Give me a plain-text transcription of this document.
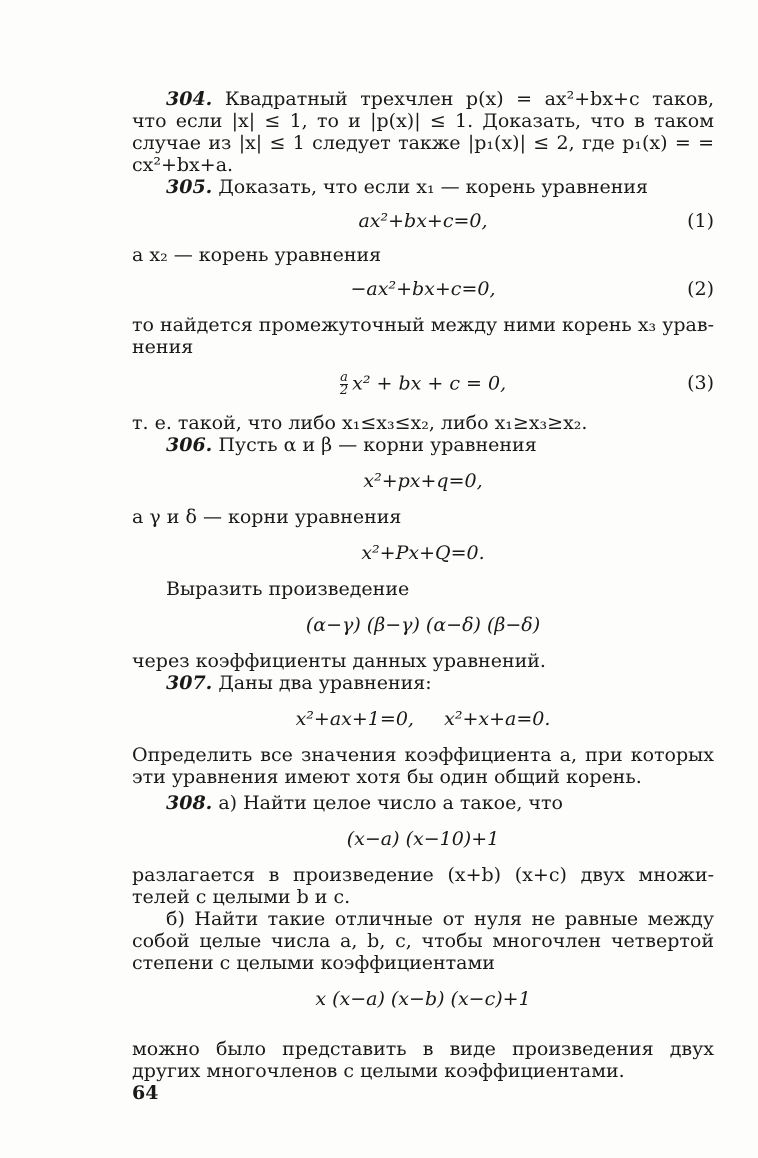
304. Квадратный трехчлен p(x) = ax²+bx+c таков, что если |x| ≤ 1, то и |p(x)| ≤ 1. Доказать, что в таком случае из |x| ≤ 1 следует также |p₁(x)| ≤ 2, где p₁(x) = = cx²+bx+a.

305. Доказать, что если x₁ — корень уравнения

ax²+bx+c=0,	(1)

а x₂ — корень уравнения

−ax²+bx+c=0,	(2)

то найдется промежуточный между ними корень x₃ уравнения

$\frac{a}{2} x^2$ + bx + c = 0,	(3)

т. е. такой, что либо x₁≤x₃≤x₂, либо x₁≥x₃≥x₂.

306. Пусть α и β — корни уравнения

x²+px+q=0,

а γ и δ — корни уравнения

x²+Px+Q=0.

Выразить произведение

(α−γ) (β−γ) (α−δ) (β−δ)

через коэффициенты данных уравнений.

307. Даны два уравнения:

x²+ax+1=0,     x²+x+a=0.

Определить все значения коэффициента a, при которых эти уравнения имеют хотя бы один общий корень.

308. а) Найти целое число a такое, что

(x−a) (x−10)+1

разлагается в произведение (x+b) (x+c) двух множителей с целыми b и c.

б) Найти такие отличные от нуля не равные между собой целые числа a, b, c, чтобы многочлен четвертой степени с целыми коэффициентами

x (x−a) (x−b) (x−c)+1

можно было представить в виде произведения двух других многочленов с целыми коэффициентами.

64
